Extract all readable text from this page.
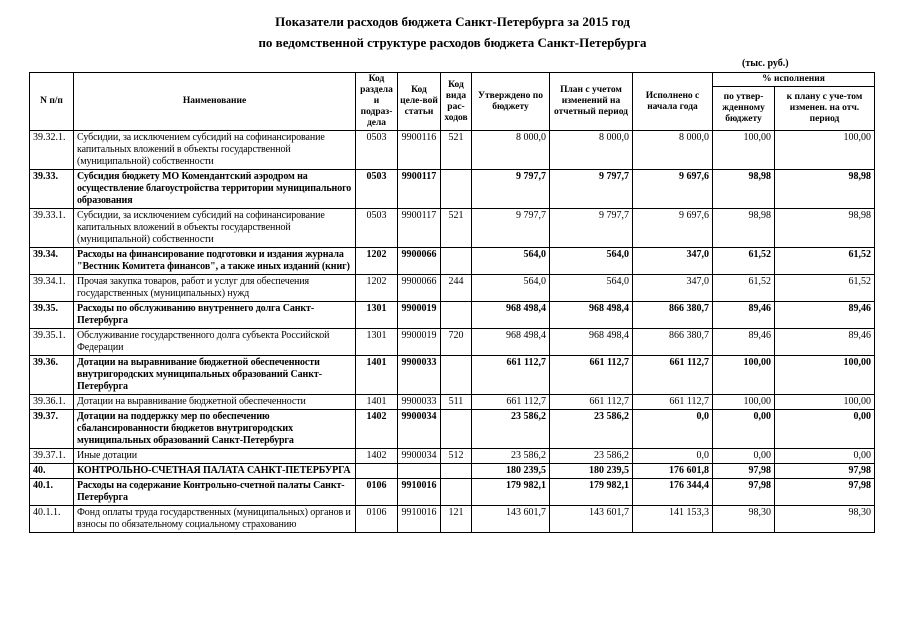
Показатели расходов бюджета Санкт-Петербурга за 2015 год
по ведомственной структуре расходов бюджета Санкт-Петербурга
(тыс. руб.)
N п/п	Наименование	Код раздела и подраз-дела	Код целе-вой статьи	Код вида рас-ходов	Утверждено по бюджету	План с учетом изменений на отчетный период	Исполнено с начала года	% исполнения	
								по утвер-жденному бюджету	к плану с уче-том изменен. на отч. период
39.32.1.	Субсидии, за исключением субсидий на софинансирование капитальных вложений в объекты государственной (муниципальной) собственности	0503	9900116	521	8 000,0	8 000,0	8 000,0	100,00	100,00
39.33.	Субсидия бюджету МО Комендантский аэродром на осуществление благоустройства территории муниципального образования	0503	9900117		9 797,7	9 797,7	9 697,6	98,98	98,98
39.33.1.	Субсидии, за исключением субсидий на софинансирование капитальных вложений в объекты государственной (муниципальной) собственности	0503	9900117	521	9 797,7	9 797,7	9 697,6	98,98	98,98
39.34.	Расходы на финансирование подготовки и издания журнала "Вестник Комитета финансов", а также иных изданий (книг)	1202	9900066		564,0	564,0	347,0	61,52	61,52
39.34.1.	Прочая закупка товаров, работ и услуг для обеспечения государственных (муниципальных) нужд	1202	9900066	244	564,0	564,0	347,0	61,52	61,52
39.35.	Расходы по обслуживанию внутреннего долга Санкт-Петербурга	1301	9900019		968 498,4	968 498,4	866 380,7	89,46	89,46
39.35.1.	Обслуживание государственного долга субъекта Российской Федерации	1301	9900019	720	968 498,4	968 498,4	866 380,7	89,46	89,46
39.36.	Дотации на выравнивание бюджетной обеспеченности внутригородских муниципальных образований Санкт-Петербурга	1401	9900033		661 112,7	661 112,7	661 112,7	100,00	100,00
39.36.1.	Дотации на выравнивание бюджетной обеспеченности	1401	9900033	511	661 112,7	661 112,7	661 112,7	100,00	100,00
39.37.	Дотации на поддержку мер по обеспечению сбалансированности бюджетов внутригородских муниципальных образований Санкт-Петербурга	1402	9900034		23 586,2	23 586,2	0,0	0,00	0,00
39.37.1.	Иные дотации	1402	9900034	512	23 586,2	23 586,2	0,0	0,00	0,00
40.	КОНТРОЛЬНО-СЧЕТНАЯ ПАЛАТА САНКТ-ПЕТЕРБУРГА				180 239,5	180 239,5	176 601,8	97,98	97,98
40.1.	Расходы на содержание Контрольно-счетной палаты Санкт-Петербурга	0106	9910016		179 982,1	179 982,1	176 344,4	97,98	97,98
40.1.1.	Фонд оплаты труда государственных (муниципальных) органов и взносы по обязательному социальному страхованию	0106	9910016	121	143 601,7	143 601,7	141 153,3	98,30	98,30
